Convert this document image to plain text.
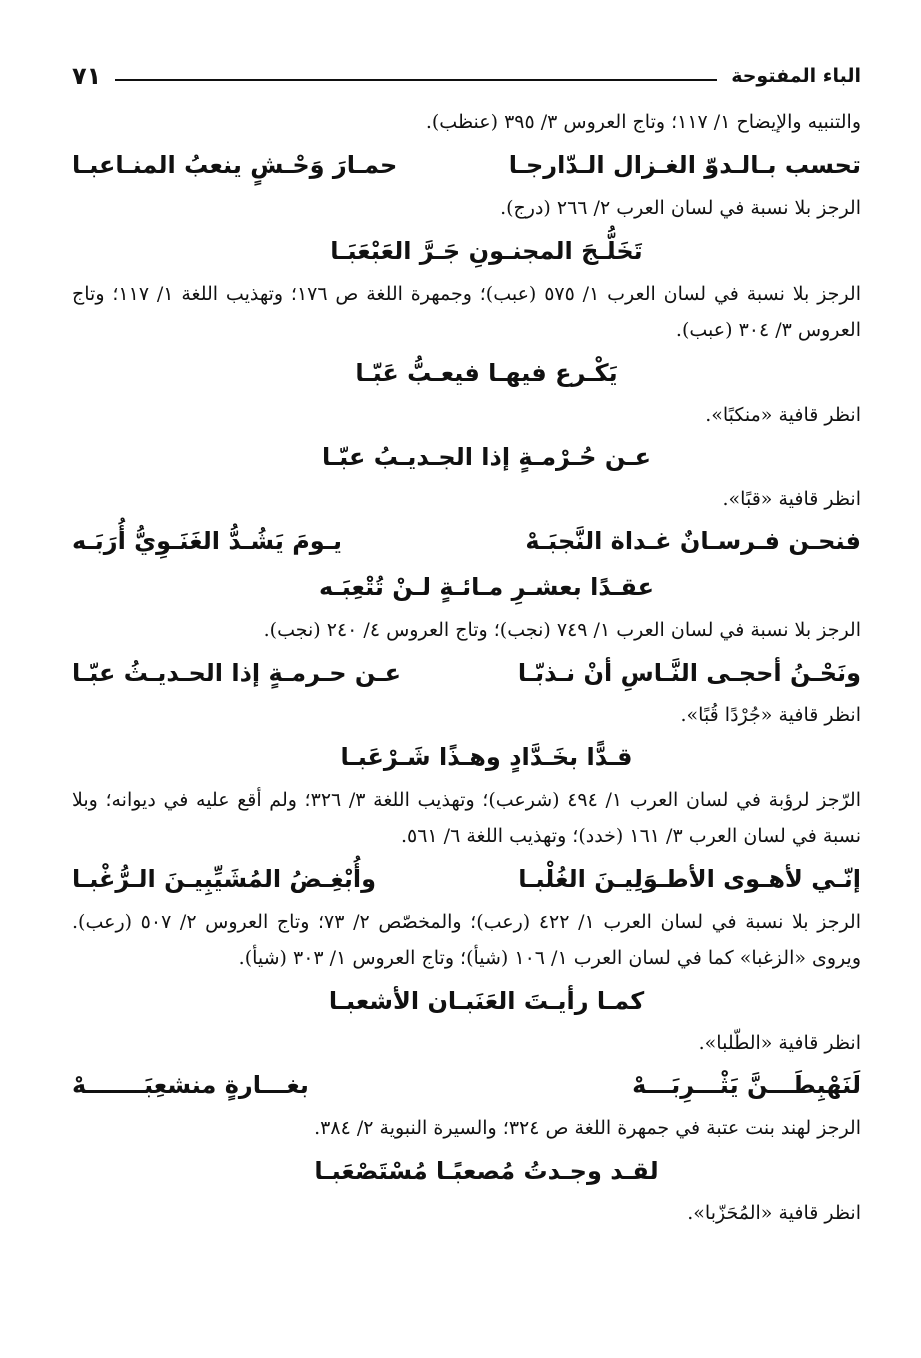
الباء المفتوحة
٧١

والتنبيه والإيضاح ١/ ١١٧؛ وتاج العروس ٣/ ٣٩٥ (عنظب).

تحسب بـالـدوّ الغـزال الـدّارجـا
حمـارَ وَحْـشٍ ينعبُ المنـاعبـا

الرجز بلا نسبة في لسان العرب ٢/ ٢٦٦ (درج).

تَخَلُّـجَ المجنـونِ جَـرَّ العَبْعَبَـا

الرجز بلا نسبة في لسان العرب ١/ ٥٧٥ (عبب)؛ وجمهرة اللغة ص ١٧٦؛ وتهذيب اللغة ١/ ١١٧؛ وتاج العروس ٣/ ٣٠٤ (عبب).

يَكْـرع فيهـا فيعـبُّ عَبّـا

انظر قافية «منكبًا».

عـن حُـرْمـةٍ إذا الجـديـبُ عبّـا

انظر قافية «قبًا».

فنحـن فـرسـانٌ غـداة النَّجبَـهْ
يـومَ يَشُـدُّ الغَنَـوِيُّ أُرَبَـه
عقـدًا بعشـرِ مـائـةٍ لـنْ تُتْعِبَـه

الرجز بلا نسبة في لسان العرب ١/ ٧٤٩ (نجب)؛ وتاج العروس ٤/ ٢٤٠ (نجب).

ونَحْـنُ أحجـى النَّـاسِ أنْ نـذبّـا
عـن حـرمـةٍ إذا الحـديـثُ عبّـا

انظر قافية «جُرْدًا قُبًا».

قـدًّا بخَـدَّادٍ وهـذًا شَـرْعَبـا

الرّجز لرؤبة في لسان العرب ١/ ٤٩٤ (شرعب)؛ وتهذيب اللغة ٣/ ٣٢٦؛ ولم أقع عليه في ديوانه؛ وبلا نسبة في لسان العرب ٣/ ١٦١ (خدد)؛ وتهذيب اللغة ٦/ ٥٦١.

إنّـي لأهـوى الأطـوَلِيـنَ الغُلْبـا
وأُبْغِـضُ المُشَيِّبِيـنَ الـرُّغْبـا

الرجز بلا نسبة في لسان العرب ١/ ٤٢٢ (رعب)؛ والمخصّص ٢/ ٧٣؛ وتاج العروس ٢/ ٥٠٧ (رعب). ويروى «الزغبا» كما في لسان العرب ١/ ١٠٦ (شيأ)؛ وتاج العروس ١/ ٣٠٣ (شيأ).

كمـا رأيـتَ العَنَبـان الأشعبـا

انظر قافية «الطّلبا».

لَنَهْبِطَـــنَّ يَثْـــرِبَـــهْ
بغـــارةٍ منشعِبَـــــــهْ

الرجز لهند بنت عتبة في جمهرة اللغة ص ٣٢٤؛ والسيرة النبوية ٢/ ٣٨٤.

لقـد وجـدتُ مُصعبًـا مُسْتَصْعَبـا

انظر قافية «المُحَزّبا».
